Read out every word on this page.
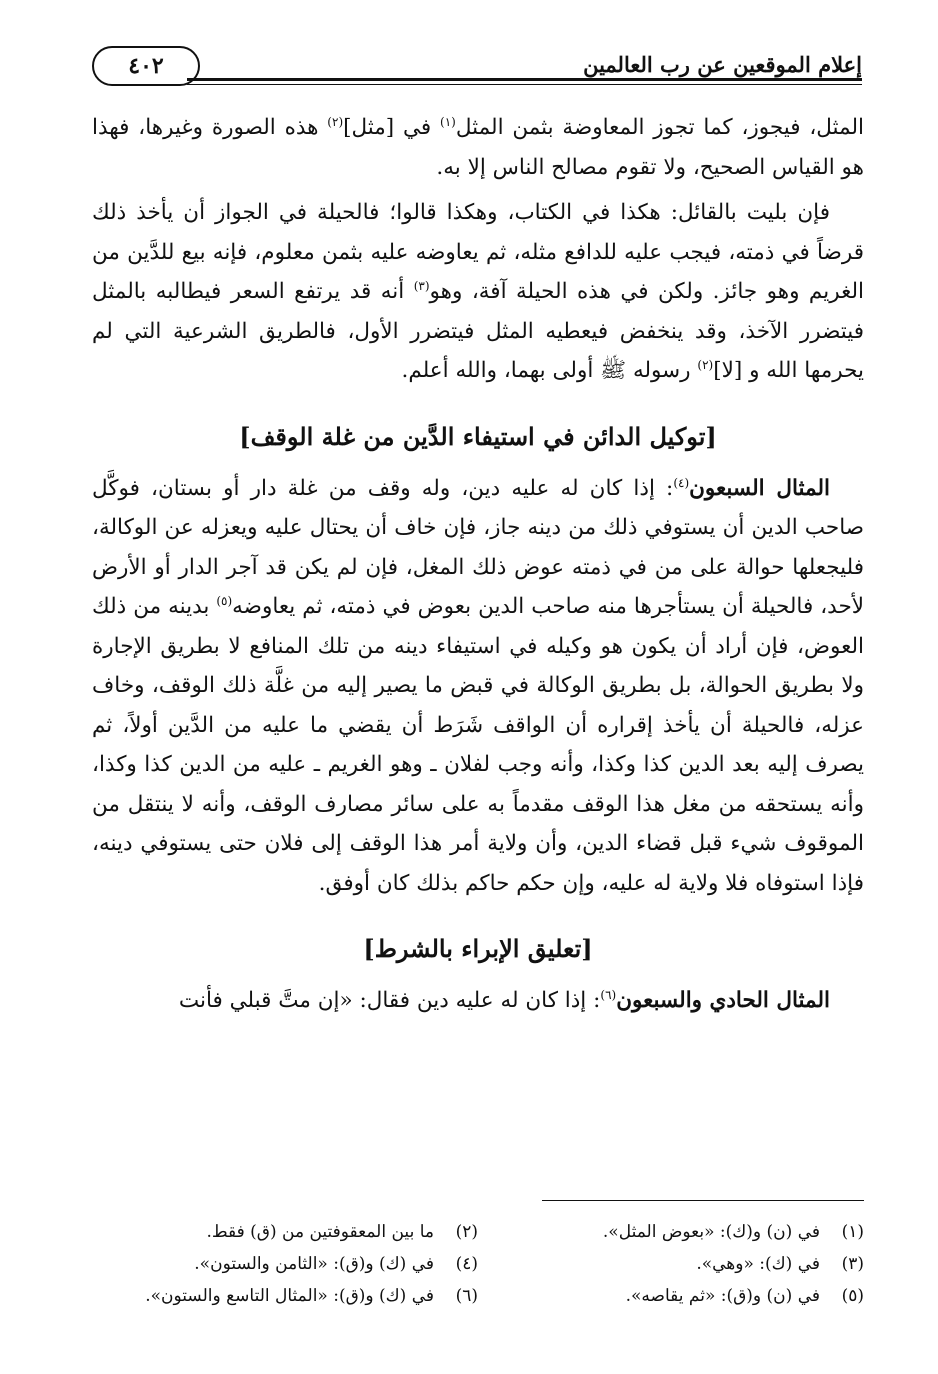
إعلام الموقعين عن رب العالمين
٤٠٢

المثل، فيجوز، كما تجوز المعاوضة بثمن المثل$^{(١)}$ في [مثل]$^{(٢)}$ هذه الصورة وغيرها، فهذا هو القياس الصحيح، ولا تقوم مصالح الناس إلا به.

فإن بليت بالقائل: هكذا في الكتاب، وهكذا قالوا؛ فالحيلة في الجواز أن يأخذ ذلك قرضاً في ذمته، فيجب عليه للدافع مثله، ثم يعاوضه عليه بثمن معلوم، فإنه بيع للدَّين من الغريم وهو جائز. ولكن في هذه الحيلة آفة، وهو$^{(٣)}$ أنه قد يرتفع السعر فيطالبه بالمثل فيتضرر الآخذ، وقد ينخفض فيعطيه المثل فيتضرر الأول، فالطريق الشرعية التي لم يحرمها الله و [لا]$^{(٢)}$ رسوله ﷺ أولى بهما، والله أعلم.

[توكيل الدائن في استيفاء الدَّين من غلة الوقف]

المثال السبعون$^{(٤)}$: إذا كان له عليه دين، وله وقف من غلة دار أو بستان، فوكَّل صاحب الدين أن يستوفي ذلك من دينه جاز، فإن خاف أن يحتال عليه ويعزله عن الوكالة، فليجعلها حوالة على من في ذمته عوض ذلك المغل، فإن لم يكن قد آجر الدار أو الأرض لأحد، فالحيلة أن يستأجرها منه صاحب الدين بعوض في ذمته، ثم يعاوضه$^{(٥)}$ بدينه من ذلك العوض، فإن أراد أن يكون هو وكيله في استيفاء دينه من تلك المنافع لا بطريق الإجارة ولا بطريق الحوالة، بل بطريق الوكالة في قبض ما يصير إليه من غلَّة ذلك الوقف، وخاف عزله، فالحيلة أن يأخذ إقراره أن الواقف شَرَط أن يقضي ما عليه من الدَّين أولاً، ثم يصرف إليه بعد الدين كذا وكذا، وأنه وجب لفلان ـ وهو الغريم ـ عليه من الدين كذا وكذا، وأنه يستحقه من مغل هذا الوقف مقدماً به على سائر مصارف الوقف، وأنه لا ينتقل من الموقوف شيء قبل قضاء الدين، وأن ولاية أمر هذا الوقف إلى فلان حتى يستوفي دينه، فإذا استوفاه فلا ولاية له عليه، وإن حكم حاكم بذلك كان أوفق.

[تعليق الإبراء بالشرط]

المثال الحادي والسبعون$^{(٦)}$: إذا كان له عليه دين فقال: «إن متَّ قبلي فأنت

(١)في (ن) و(ك): «بعوض المثل».
(٢)ما بين المعقوفتين من (ق) فقط.
(٣)في (ك): «وهي».
(٤)في (ك) و(ق): «الثامن والستون».
(٥)في (ن) و(ق): «ثم يقاصه».
(٦)في (ك) و(ق): «المثال التاسع والستون».
